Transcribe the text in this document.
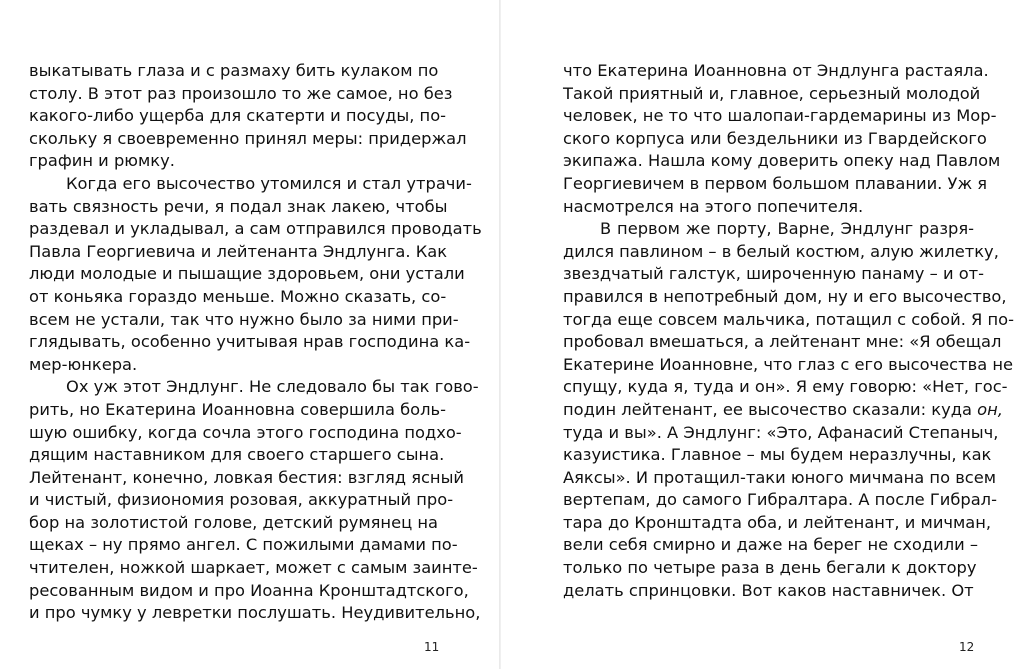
выкатывать глаза и с размаху бить кулаком по
столу. В этот раз произошло то же самое, но без
какого-либо ущерба для скатерти и посуды, по-
скольку я своевременно принял меры: придержал
графин и рюмку.
Когда его высочество утомился и стал утрачи-
вать связность речи, я подал знак лакею, чтобы
раздевал и укладывал, а сам отправился проводать
Павла Георгиевича и лейтенанта Эндлунга. Как
люди молодые и пышащие здоровьем, они устали
от коньяка гораздо меньше. Можно сказать, со-
всем не устали, так что нужно было за ними при-
глядывать, особенно учитывая нрав господина ка-
мер-юнкера.
Ох уж этот Эндлунг. Не следовало бы так гово-
рить, но Екатерина Иоанновна совершила боль-
шую ошибку, когда сочла этого господина подхо-
дящим наставником для своего старшего сына.
Лейтенант, конечно, ловкая бестия: взгляд ясный
и чистый, физиономия розовая, аккуратный про-
бор на золотистой голове, детский румянец на
щеках – ну прямо ангел. С пожилыми дамами по-
чтителен, ножкой шаркает, может с самым заинте-
ресованным видом и про Иоанна Кронштадтского,
и про чумку у левретки послушать. Неудивительно,
11
что Екатерина Иоанновна от Эндлунга растаяла.
Такой приятный и, главное, серьезный молодой
человек, не то что шалопаи-гардемарины из Мор-
ского корпуса или бездельники из Гвардейского
экипажа. Нашла кому доверить опеку над Павлом
Георгиевичем в первом большом плавании. Уж я
насмотрелся на этого попечителя.
В первом же порту, Варне, Эндлунг разря-
дился павлином – в белый костюм, алую жилетку,
звездчатый галстук, широченную панаму – и от-
правился в непотребный дом, ну и его высочество,
тогда еще совсем мальчика, потащил с собой. Я по-
пробовал вмешаться, а лейтенант мне: «Я обещал
Екатерине Иоанновне, что глаз с его высочества не
спущу, куда я, туда и он». Я ему говорю: «Нет, гос-
подин лейтенант, ее высочество сказали: куда он,
туда и вы». А Эндлунг: «Это, Афанасий Степаныч,
казуистика. Главное – мы будем неразлучны, как
Аяксы». И протащил-таки юного мичмана по всем
вертепам, до самого Гибралтара. А после Гибрал-
тара до Кронштадта оба, и лейтенант, и мичман,
вели себя смирно и даже на берег не сходили –
только по четыре раза в день бегали к доктору
делать спринцовки. Вот каков наставничек. От
12
